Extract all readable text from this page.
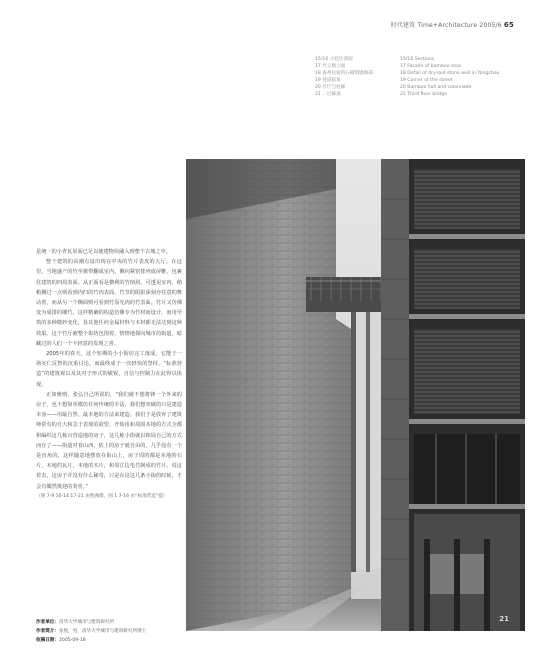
时代建筑 Time+Architecture 2005/6 65
15/16 小套区剖面
17 竹立檐立面
18 泰州民宿的石砌筑墙细部
19 巷道临角
20 竹厅与柱廊
21 二层廊道
15/16 Sections
17 Facade of bamboo stoa
18 Detail of dry-laid stone wall in Yangzhou
19 Corner of the street
20 Bamboo hall and colonnade
21 Third floor bridge

是统一的小青瓦屋面已足以使建物块融入到整个古城之中。

整个建筑的高潮点设出现在中央的竹片表皮的大厅。在这里，当地盛产的竹至被带翻成室内，侧向紧密排列成屏帷，包裹住建筑的四周表面。从正面看是横利的竹倒屑，可透见室内，稍稍侧过一点则看到内凹的竹肉表面。竹节的阴影深刻亦任意的舞动着，而从另一个侧面则可看到竹原光肉的竹表面。竹片又仿佛变为成排的雕竹。这样精确的构造仿佛专为竹材而设计，而用至筑的多种微妙变化，显其他任何金属材料与木材都无法达到这种效果。这个竹厅被整个街坊包围着，情情地探向城市的街道，暗藏过的人们一个不轻意的发现之喜。

2005年的春天，这个短期的小小街坊完工落成，它能于一场实仁反智的沉重讨论。而最终成于一次轻快的坚持。“标准营造”的建筑观以及其对于形式的敏锐，自信与控制力在此得以体现。

正如俺则，张弘自己所说的，“我们就不想将锋一个外来的房子，也不想简单模仿任何传统的手法，我们想突破的只是建造本身——用最自然、最本地的方法来建造。我们于是放弃了建筑师常有的自大和急于表现的欲望，开始用和周围本地的方式全都和编织这几栋百营造地的房子，这几栋小街就以和周自己的方式而存了——街道对着山西，依上的房子就自由的，几乎没有一个是直角的，这样随意地摆放在街山上，房子周的都是本地的石片，本地的瓦片，本地的木片，和周江边毛竹制成的竹片，说这着去，这房子并没有什么稀奇，只是在这这几条小街的时候，才会有偶然奥迎的奏喜。”

（图 7-9 10-14 17-21 由胜满摄，图 1 7-16 由“标准营造”提）

作者单位：清华大学城市与建筑研究所
作者简介：张悦，男，清华大学城市与建筑研究所博士
收稿日期：2005-09-18
21
